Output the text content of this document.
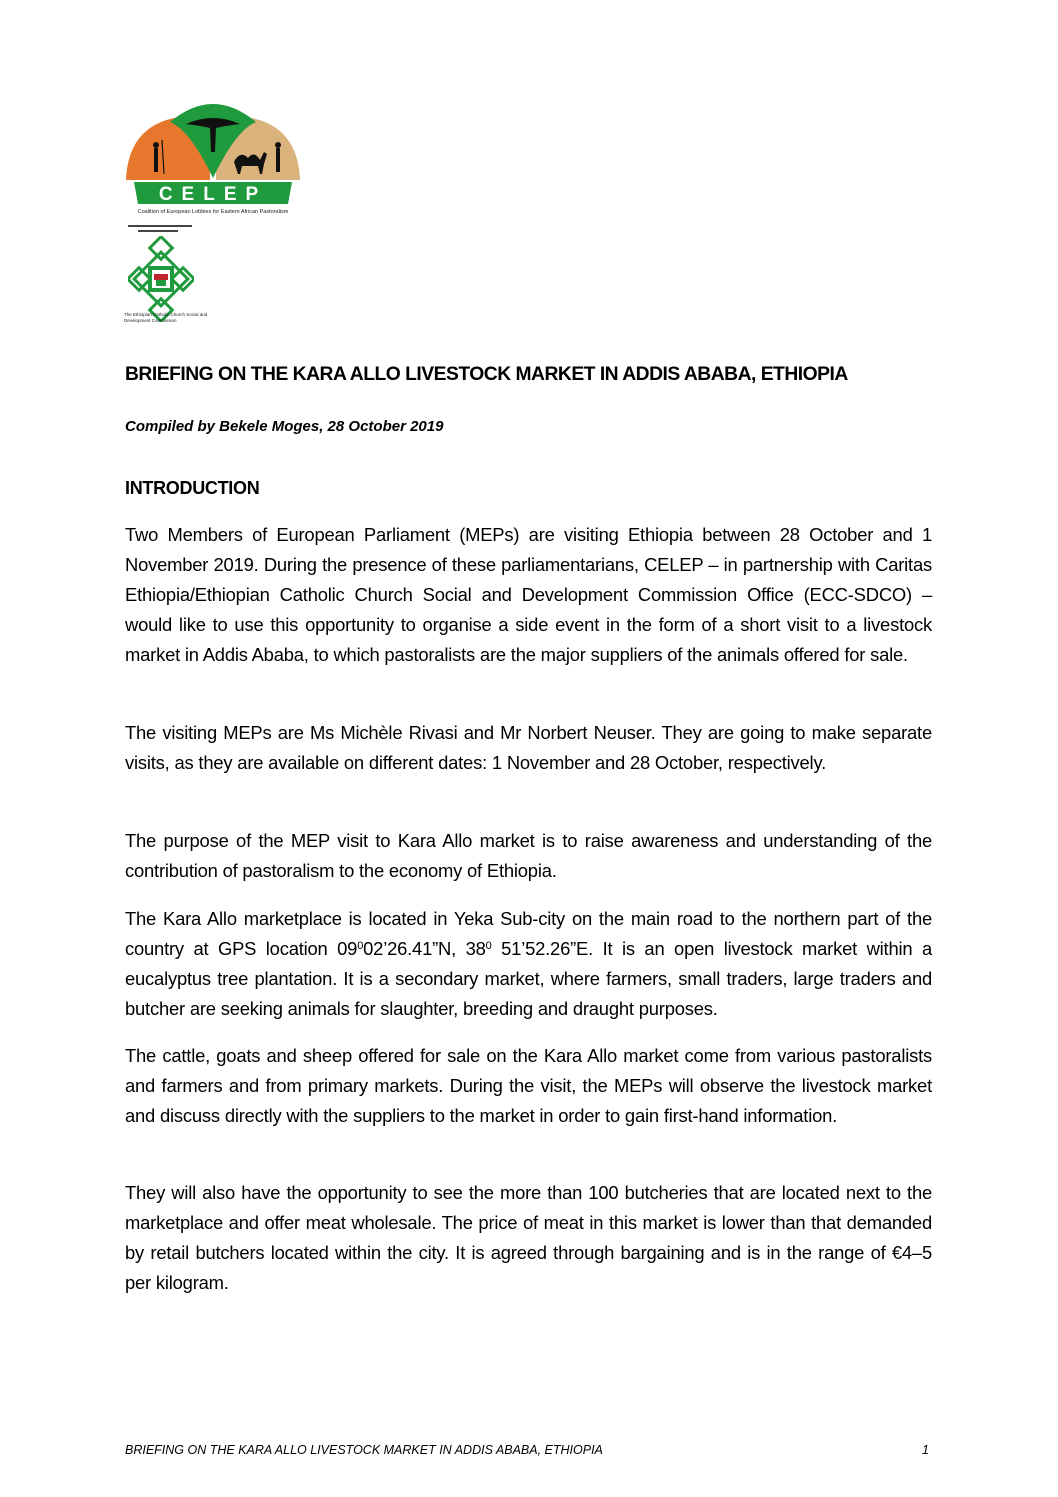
CELEP
Coalition of European Lobbies for Eastern African Pastoralism
The Ethiopian Catholic Church Social and Development Commission
BRIEFING ON THE KARA ALLO LIVESTOCK MARKET IN ADDIS ABABA, ETHIOPIA
Compiled by Bekele Moges, 28 October 2019
INTRODUCTION

Two Members of European Parliament (MEPs) are visiting Ethiopia between 28 October and 1 November 2019. During the presence of these parliamentarians, CELEP – in partnership with Caritas Ethiopia/Ethiopian Catholic Church Social and Development Commission Office (ECC-SDCO) – would like to use this opportunity to organise a side event in the form of a short visit to a livestock market in Addis Ababa, to which pastoralists are the major suppliers of the animals offered for sale.

The visiting MEPs are Ms Michèle Rivasi and Mr Norbert Neuser. They are going to make separate visits, as they are available on different dates: 1 November and 28 October, respectively.

The purpose of the MEP visit to Kara Allo market is to raise awareness and understanding of the contribution of pastoralism to the economy of Ethiopia.

The Kara Allo marketplace is located in Yeka Sub-city on the main road to the northern part of the country at GPS location $09^002’26.41”N$, $38^0$ 51’52.26”E. It is an open livestock market within a eucalyptus tree plantation. It is a secondary market, where farmers, small traders, large traders and butcher are seeking animals for slaughter, breeding and draught purposes.

The cattle, goats and sheep offered for sale on the Kara Allo market come from various pastoralists and farmers and from primary markets. During the visit, the MEPs will observe the livestock market and discuss directly with the suppliers to the market in order to gain first-hand information.

They will also have the opportunity to see the more than 100 butcheries that are located next to the marketplace and offer meat wholesale. The price of meat in this market is lower than that demanded by retail butchers located within the city. It is agreed through bargaining and is in the range of €4–5 per kilogram.

BRIEFING ON THE KARA ALLO LIVESTOCK MARKET IN ADDIS ABABA, ETHIOPIA	1
